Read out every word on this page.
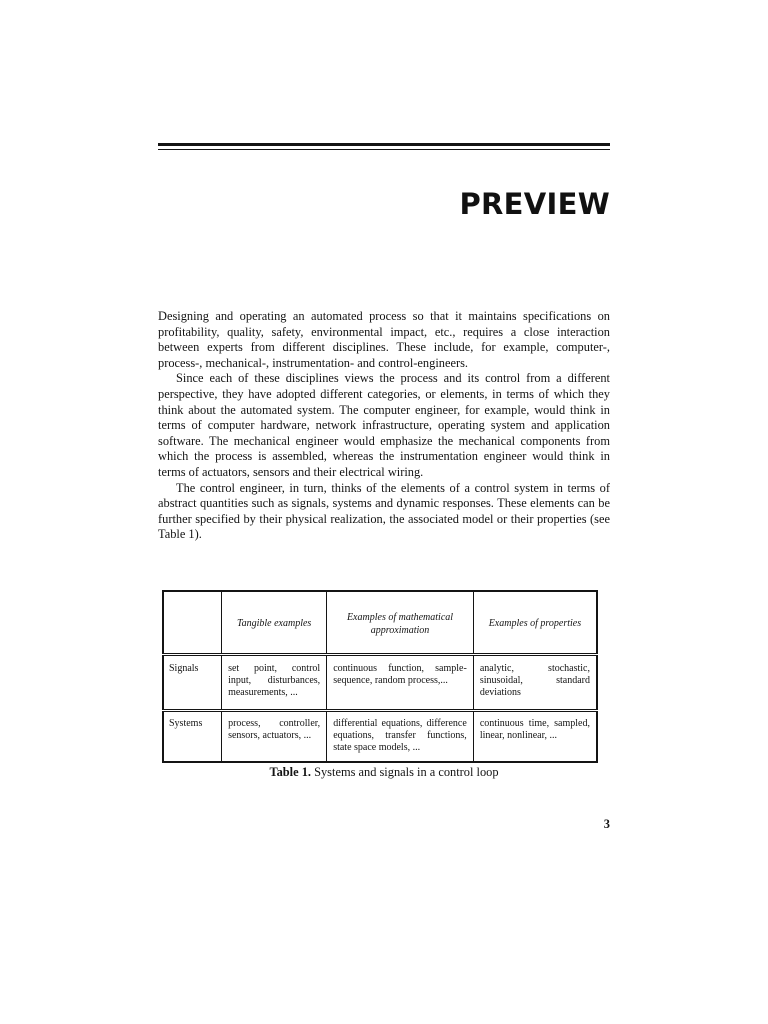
PREVIEW

Designing and operating an automated process so that it maintains specifications on profitability, quality, safety, environmental impact, etc., requires a close interaction between experts from different disciplines. These include, for example, computer-, process-, mechanical-, instrumentation- and control-engineers.

Since each of these disciplines views the process and its control from a different perspective, they have adopted different categories, or elements, in terms of which they think about the automated system. The computer engineer, for example, would think in terms of computer hardware, network infrastructure, operating system and application software. The mechanical engineer would emphasize the mechanical components from which the process is assembled, whereas the instrumentation engineer would think in terms of actuators, sensors and their electrical wiring.

The control engineer, in turn, thinks of the elements of a control system in terms of abstract quantities such as signals, systems and dynamic responses. These elements can be further specified by their physical realization, the associated model or their properties (see Table 1).

	Tangible examples	Examples of mathematical approximation	Examples of properties
Signals	set point, control input, disturbances, measurements, ...	continuous function, sample-sequence, random process,...	analytic, stochastic, sinusoidal, standard deviations
Systems	process, controller, sensors, actuators, ...	differential equations, difference equations, transfer functions, state space models, ...	continuous time, sampled, linear, nonlinear, ...
Table 1. Systems and signals in a control loop
3
